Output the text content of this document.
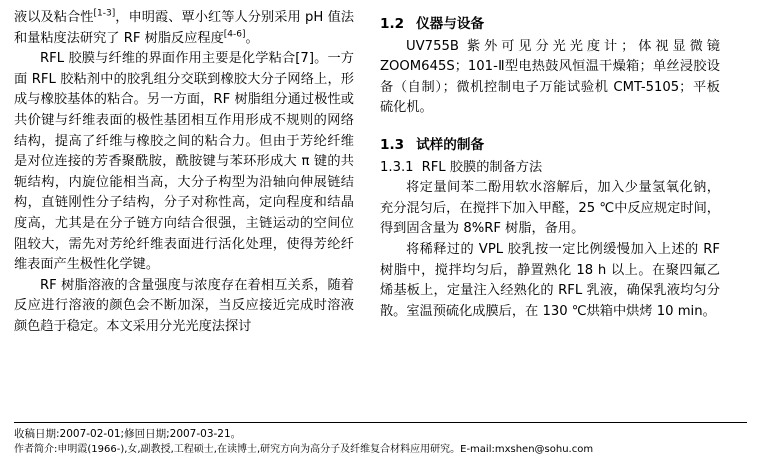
液以及粘合性[1-3]，申明霞、覃小红等人分别采用 pH 值法和量粘度法研究了 RF 树脂反应程度[4-6]。

RFL 胶膜与纤维的界面作用主要是化学粘合[7]。一方面 RFL 胶粘剂中的胶乳组分交联到橡胶大分子网络上，形成与橡胶基体的粘合。另一方面，RF 树脂组分通过极性或共价键与纤维表面的极性基团相互作用形成不规则的网络结构，提高了纤维与橡胶之间的粘合力。但由于芳纶纤维是对位连接的芳香聚酰胺，酰胺键与苯环形成大 π 键的共轭结构，内旋位能相当高，大分子构型为沿轴向伸展链结构，直链刚性分子结构，分子对称性高，定向程度和结晶度高，尤其是在分子链方向结合很强，主链运动的空间位阻较大，需先对芳纶纤维表面进行活化处理，使得芳纶纤维表面产生极性化学键。

RF 树脂溶液的含量强度与浓度存在着相互关系，随着反应进行溶液的颜色会不断加深，当反应接近完成时溶液颜色趋于稳定。本文采用分光光度法探讨

1.2 仪器与设备

UV755B 紫外可见分光光度计；体视显微镜 ZOOM645S；101-Ⅱ型电热鼓风恒温干燥箱；单丝浸胶设备（自制）；微机控制电子万能试验机 CMT-5105；平板硫化机。

1.3 试样的制备
1.3.1 RFL 胶膜的制备方法

将定量间苯二酚用软水溶解后，加入少量氢氧化钠，充分混匀后，在搅拌下加入甲醛，25 ℃中反应规定时间，得到固含量为 8%RF 树脂，备用。

将稀释过的 VPL 胶乳按一定比例缓慢加入上述的 RF 树脂中，搅拌均匀后，静置熟化 18 h 以上。在聚四氟乙烯基板上，定量注入经熟化的 RFL 乳液，确保乳液均匀分散。室温预硫化成膜后，在 130 ℃烘箱中烘烤 10 min。

收稿日期:2007-02-01;修回日期;2007-03-21。
作者简介:申明霞(1966-),女,副教授,工程硕士,在读博士,研究方向为高分子及纤维复合材料应用研究。E-mail:mxshen@sohu.com
